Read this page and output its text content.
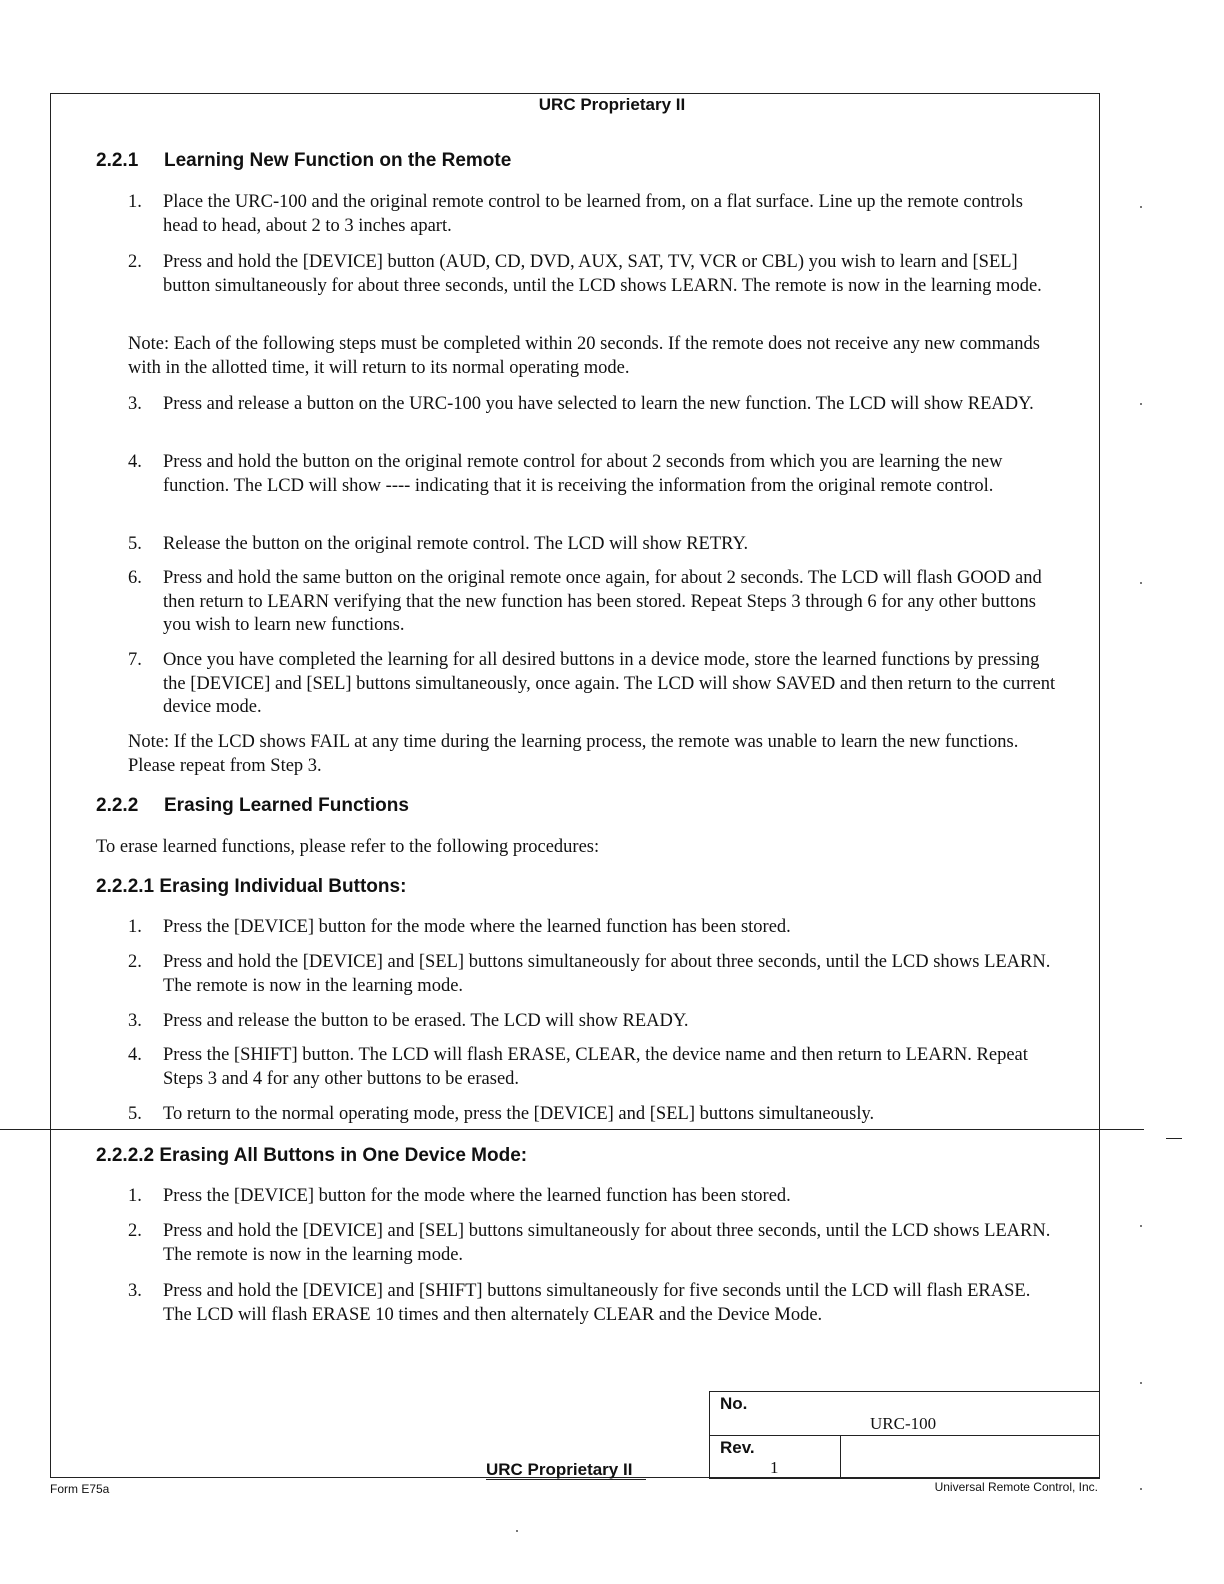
URC Proprietary II
2.2.1 Learning New Function on the Remote
1.	Place the URC-100 and the original remote control to be learned from, on a flat surface. Line up the remote controls head to head, about 2 to 3 inches apart.
2.	Press and hold the [DEVICE] button (AUD, CD, DVD, AUX, SAT, TV, VCR or CBL) you wish to learn and [SEL] button simultaneously for about three seconds, until the LCD shows LEARN. The remote is now in the learning mode.
Note: Each of the following steps must be completed within 20 seconds. If the remote does not receive any new commands with in the allotted time, it will return to its normal operating mode.
3.	Press and release a button on the URC-100 you have selected to learn the new function. The LCD will show READY.
4.	Press and hold the button on the original remote control for about 2 seconds from which you are learning the new function. The LCD will show ---- indicating that it is receiving the information from the original remote control.
5.	Release the button on the original remote control. The LCD will show RETRY.
6.	Press and hold the same button on the original remote once again, for about 2 seconds. The LCD will flash GOOD and then return to LEARN verifying that the new function has been stored. Repeat Steps 3 through 6 for any other buttons you wish to learn new functions.
7.	Once you have completed the learning for all desired buttons in a device mode, store the learned functions by pressing the [DEVICE] and [SEL] buttons simultaneously, once again. The LCD will show SAVED and then return to the current device mode.
Note: If the LCD shows FAIL at any time during the learning process, the remote was unable to learn the new functions. Please repeat from Step 3.
2.2.2 Erasing Learned Functions
To erase learned functions, please refer to the following procedures:
2.2.2.1 Erasing Individual Buttons:
1.	Press the [DEVICE] button for the mode where the learned function has been stored.
2.	Press and hold the [DEVICE] and [SEL] buttons simultaneously for about three seconds, until the LCD shows LEARN. The remote is now in the learning mode.
3.	Press and release the button to be erased. The LCD will show READY.
4.	Press the [SHIFT] button. The LCD will flash ERASE, CLEAR, the device name and then return to LEARN. Repeat Steps 3 and 4 for any other buttons to be erased.
5.	To return to the normal operating mode, press the [DEVICE] and [SEL] buttons simultaneously.
2.2.2.2 Erasing All Buttons in One Device Mode:
1.	Press the [DEVICE] button for the mode where the learned function has been stored.
2.	Press and hold the [DEVICE] and [SEL] buttons simultaneously for about three seconds, until the LCD shows LEARN. The remote is now in the learning mode.
3.	Press and hold the [DEVICE] and [SHIFT] buttons simultaneously for five seconds until the LCD will flash ERASE. The LCD will flash ERASE 10 times and then alternately CLEAR and the Device Mode.
URC Proprietary II
No.
URC-100
Rev.
1
Form E75a	Universal Remote Control, Inc.
